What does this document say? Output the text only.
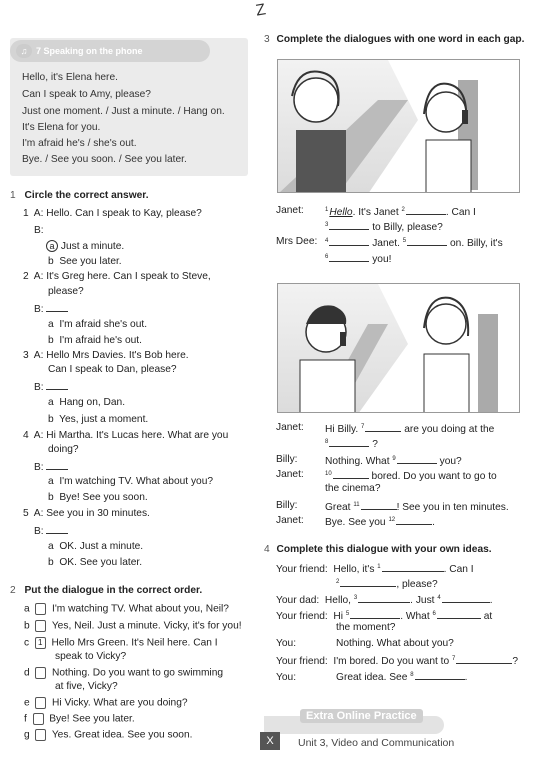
Z
♫ 7 Speaking on the phone
Hello, it's Elena here.
Can I speak to Amy, please?
Just one moment. / Just a minute. / Hang on.
It's Elena for you.
I'm afraid he's / she's out.
Bye. / See you soon. / See you later.
1 Circle the correct answer.
1 A: Hello. Can I speak to Kay, please?
B:
a Just a minute.
b See you later.
2 A: It's Greg here. Can I speak to Steve,
please?
B:
a I'm afraid she's out.
b I'm afraid he's out.
3 A: Hello Mrs Davies. It's Bob here.
Can I speak to Dan, please?
B:
a Hang on, Dan.
b Yes, just a moment.
4 A: Hi Martha. It's Lucas here. What are you
doing?
B:
a I'm watching TV. What about you?
b Bye! See you soon.
5 A: See you in 30 minutes.
B:
a OK. Just a minute.
b OK. See you later.
2 Put the dialogue in the correct order.
a I'm watching TV. What about you, Neil?
b Yes, Neil. Just a minute. Vicky, it's for you!
c 1 Hello Mrs Green. It's Neil here. Can I
speak to Vicky?
d Nothing. Do you want to go swimming
at five, Vicky?
e Hi Vicky. What are you doing?
f Bye! See you later.
g Yes. Great idea. See you soon.
3 Complete the dialogues with one word in each gap.
Janet:	$^1$Hello. It's Janet $^2$	. Can I
$^3$	to Billy, please?
Mrs Dee: $^4$	Janet. $^5$	on. Billy, it's
$^6$	you!
Janet: Hi Billy. $^7$	are you doing at the
$^8$	?
Billy:	Nothing. What $^9$	you?
Janet:	$^{10}$	bored. Do you want to go to
the cinema?
Billy:	Great $^{11}$	! See you in ten minutes.
Janet: Bye. See you $^{12}$	.
4 Complete this dialogue with your own ideas.
Your friend: Hello, it's $^1$	. Can I
$^2$	, please?
Your dad: Hello, $^3$	. Just $^4$	.
Your friend: Hi $^5$	. What $^6$	at
the moment?
You:	Nothing. What about you?
Your friend: I'm bored. Do you want to $^7$	?
You:	Great idea. See $^8$	.
Extra Online Practice
X	Unit 3, Video and Communication
